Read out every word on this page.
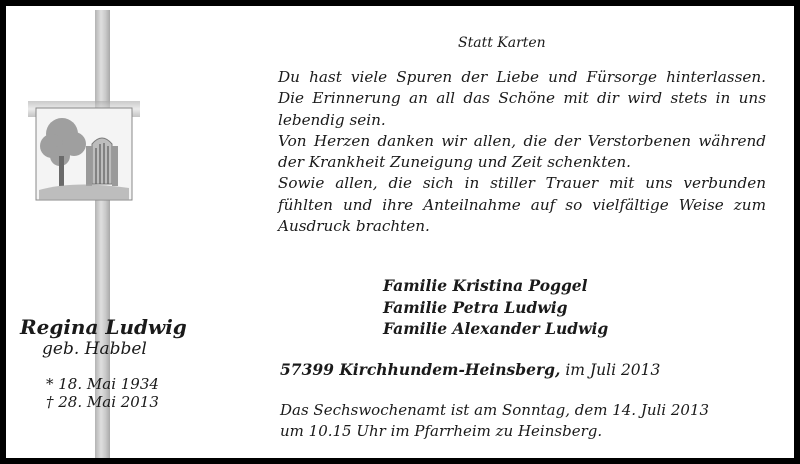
Statt Karten
Du hast viele Spuren der Liebe und Fürsorge hinterlassen.
Die Erinnerung an all das Schöne mit dir wird stets in uns
lebendig sein.
Von Herzen danken wir allen, die der Verstorbenen während
der Krankheit Zuneigung und Zeit schenkten.
Sowie allen, die sich in stiller Trauer mit uns verbunden
fühlten und ihre Anteilnahme auf so vielfältige Weise zum
Ausdruck brachten.
Familie Kristina Poggel
Familie Petra Ludwig
Familie Alexander Ludwig
57399 Kirchhundem-Heinsberg, im Juli 2013
Das Sechswochenamt ist am Sonntag, dem 14. Juli 2013
um 10.15 Uhr im Pfarrheim zu Heinsberg.
Regina Ludwig
geb. Habbel
* 18. Mai 1934
† 28. Mai 2013
